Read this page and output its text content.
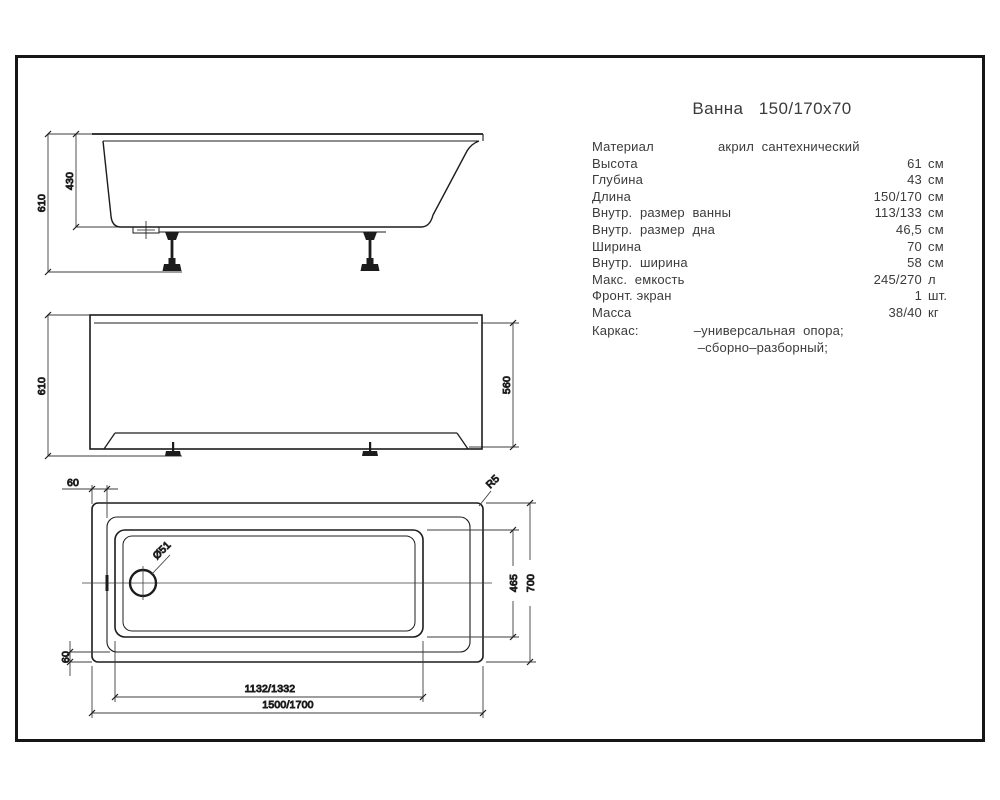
610
430
610	560
Ø51
R5
60
60
465 700
1132/1332
1500/1700
Ванна   150/170x70
Материал	акрил  сантехнический
Высота	61 см
Глубина	43 см
Длина	150/170 см
Внутр.  размер  ванны	113/133 см
Внутр.  размер  дна	46,5 см
Ширина	70 см
Внутр.  ширина	58 см
Макс.  емкость	245/270 л
Фронт. экран	1 шт.
Масса	38/40 кг
Каркас:	–универсальная  опора;
–сборно–разборный;
